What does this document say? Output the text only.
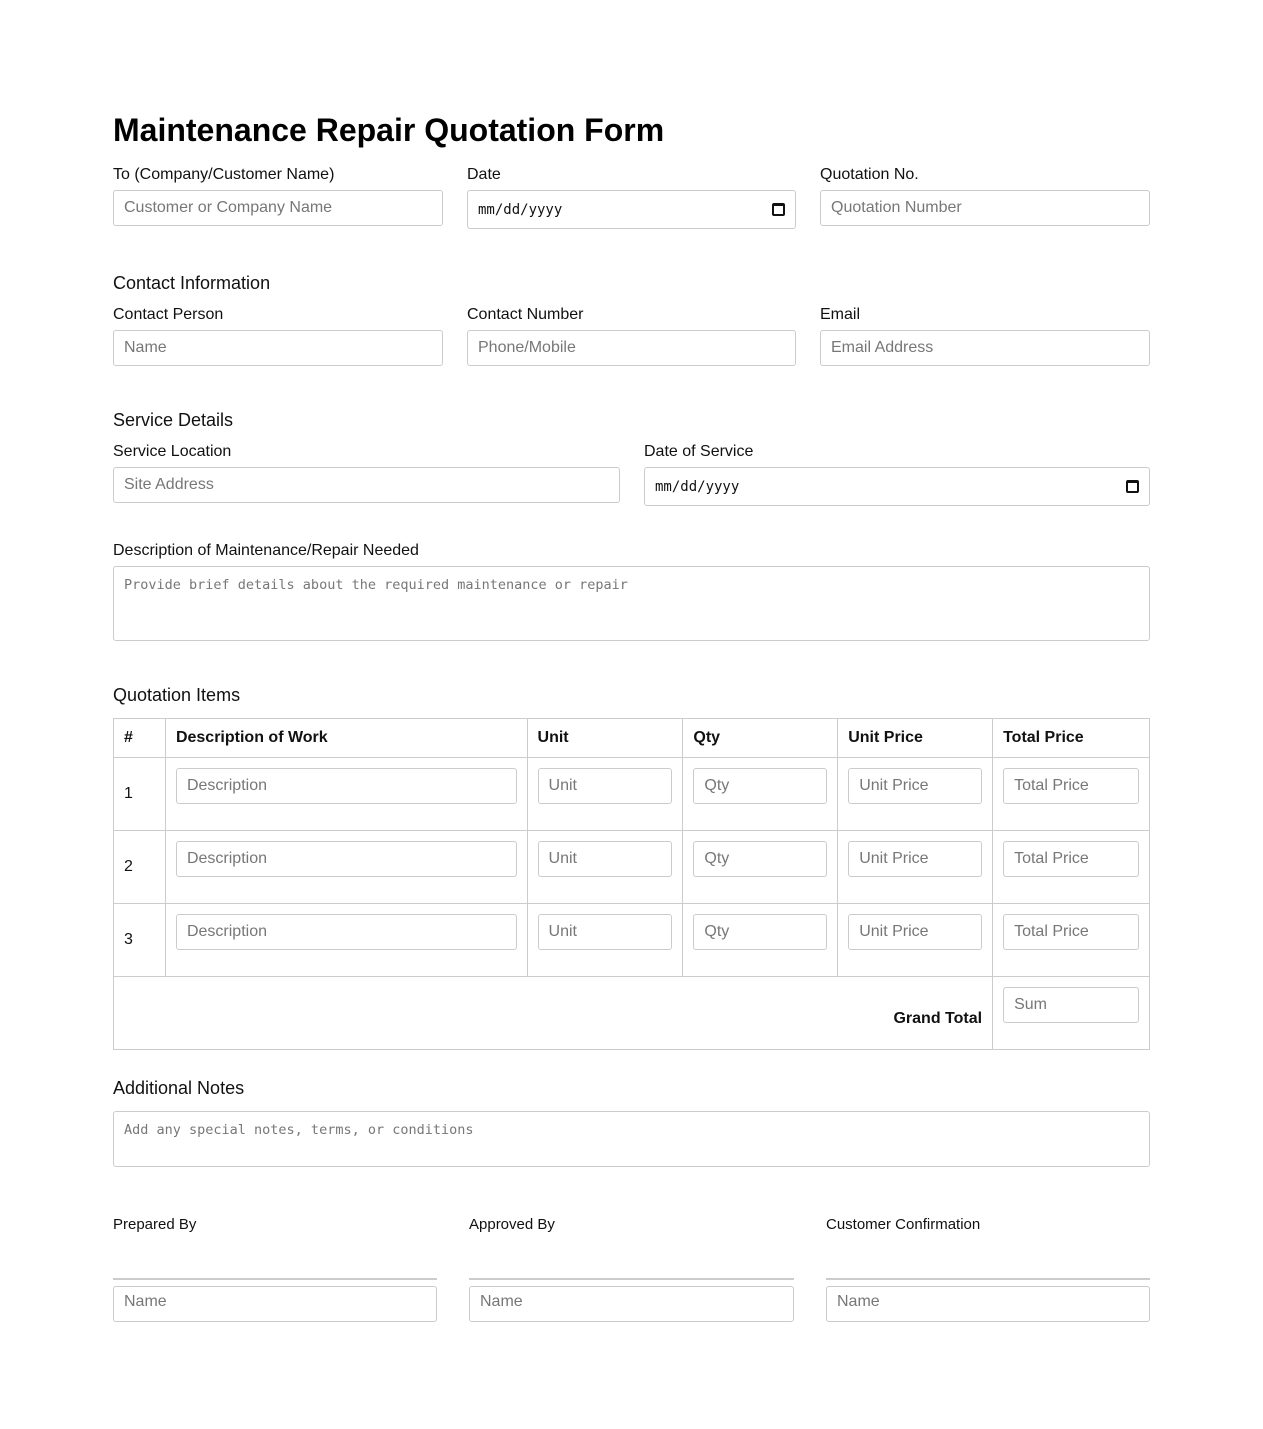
Maintenance Repair Quotation Form
To (Company/Customer Name)
Customer or Company Name
Date
mm/dd/yyyy
Quotation No.
Quotation Number
Contact Information
Contact Person
Name
Contact Number
Phone/Mobile
Email
Email Address
Service Details
Service Location
Site Address
Date of Service
mm/dd/yyyy
Description of Maintenance/Repair Needed
Provide brief details about the required maintenance or repair
Quotation Items
#	Description of Work	Unit	Qty	Unit Price	Total Price
1	Description	Unit	Qty	Unit Price	Total Price

2	Description	Unit	Qty	Unit Price	Total Price

3	Description	Unit	Qty	Unit Price	Total Price

Grand Total					Sum
Additional Notes
Add any special notes, terms, or conditions
Prepared By
Name
Approved By
Name
Customer Confirmation
Name
